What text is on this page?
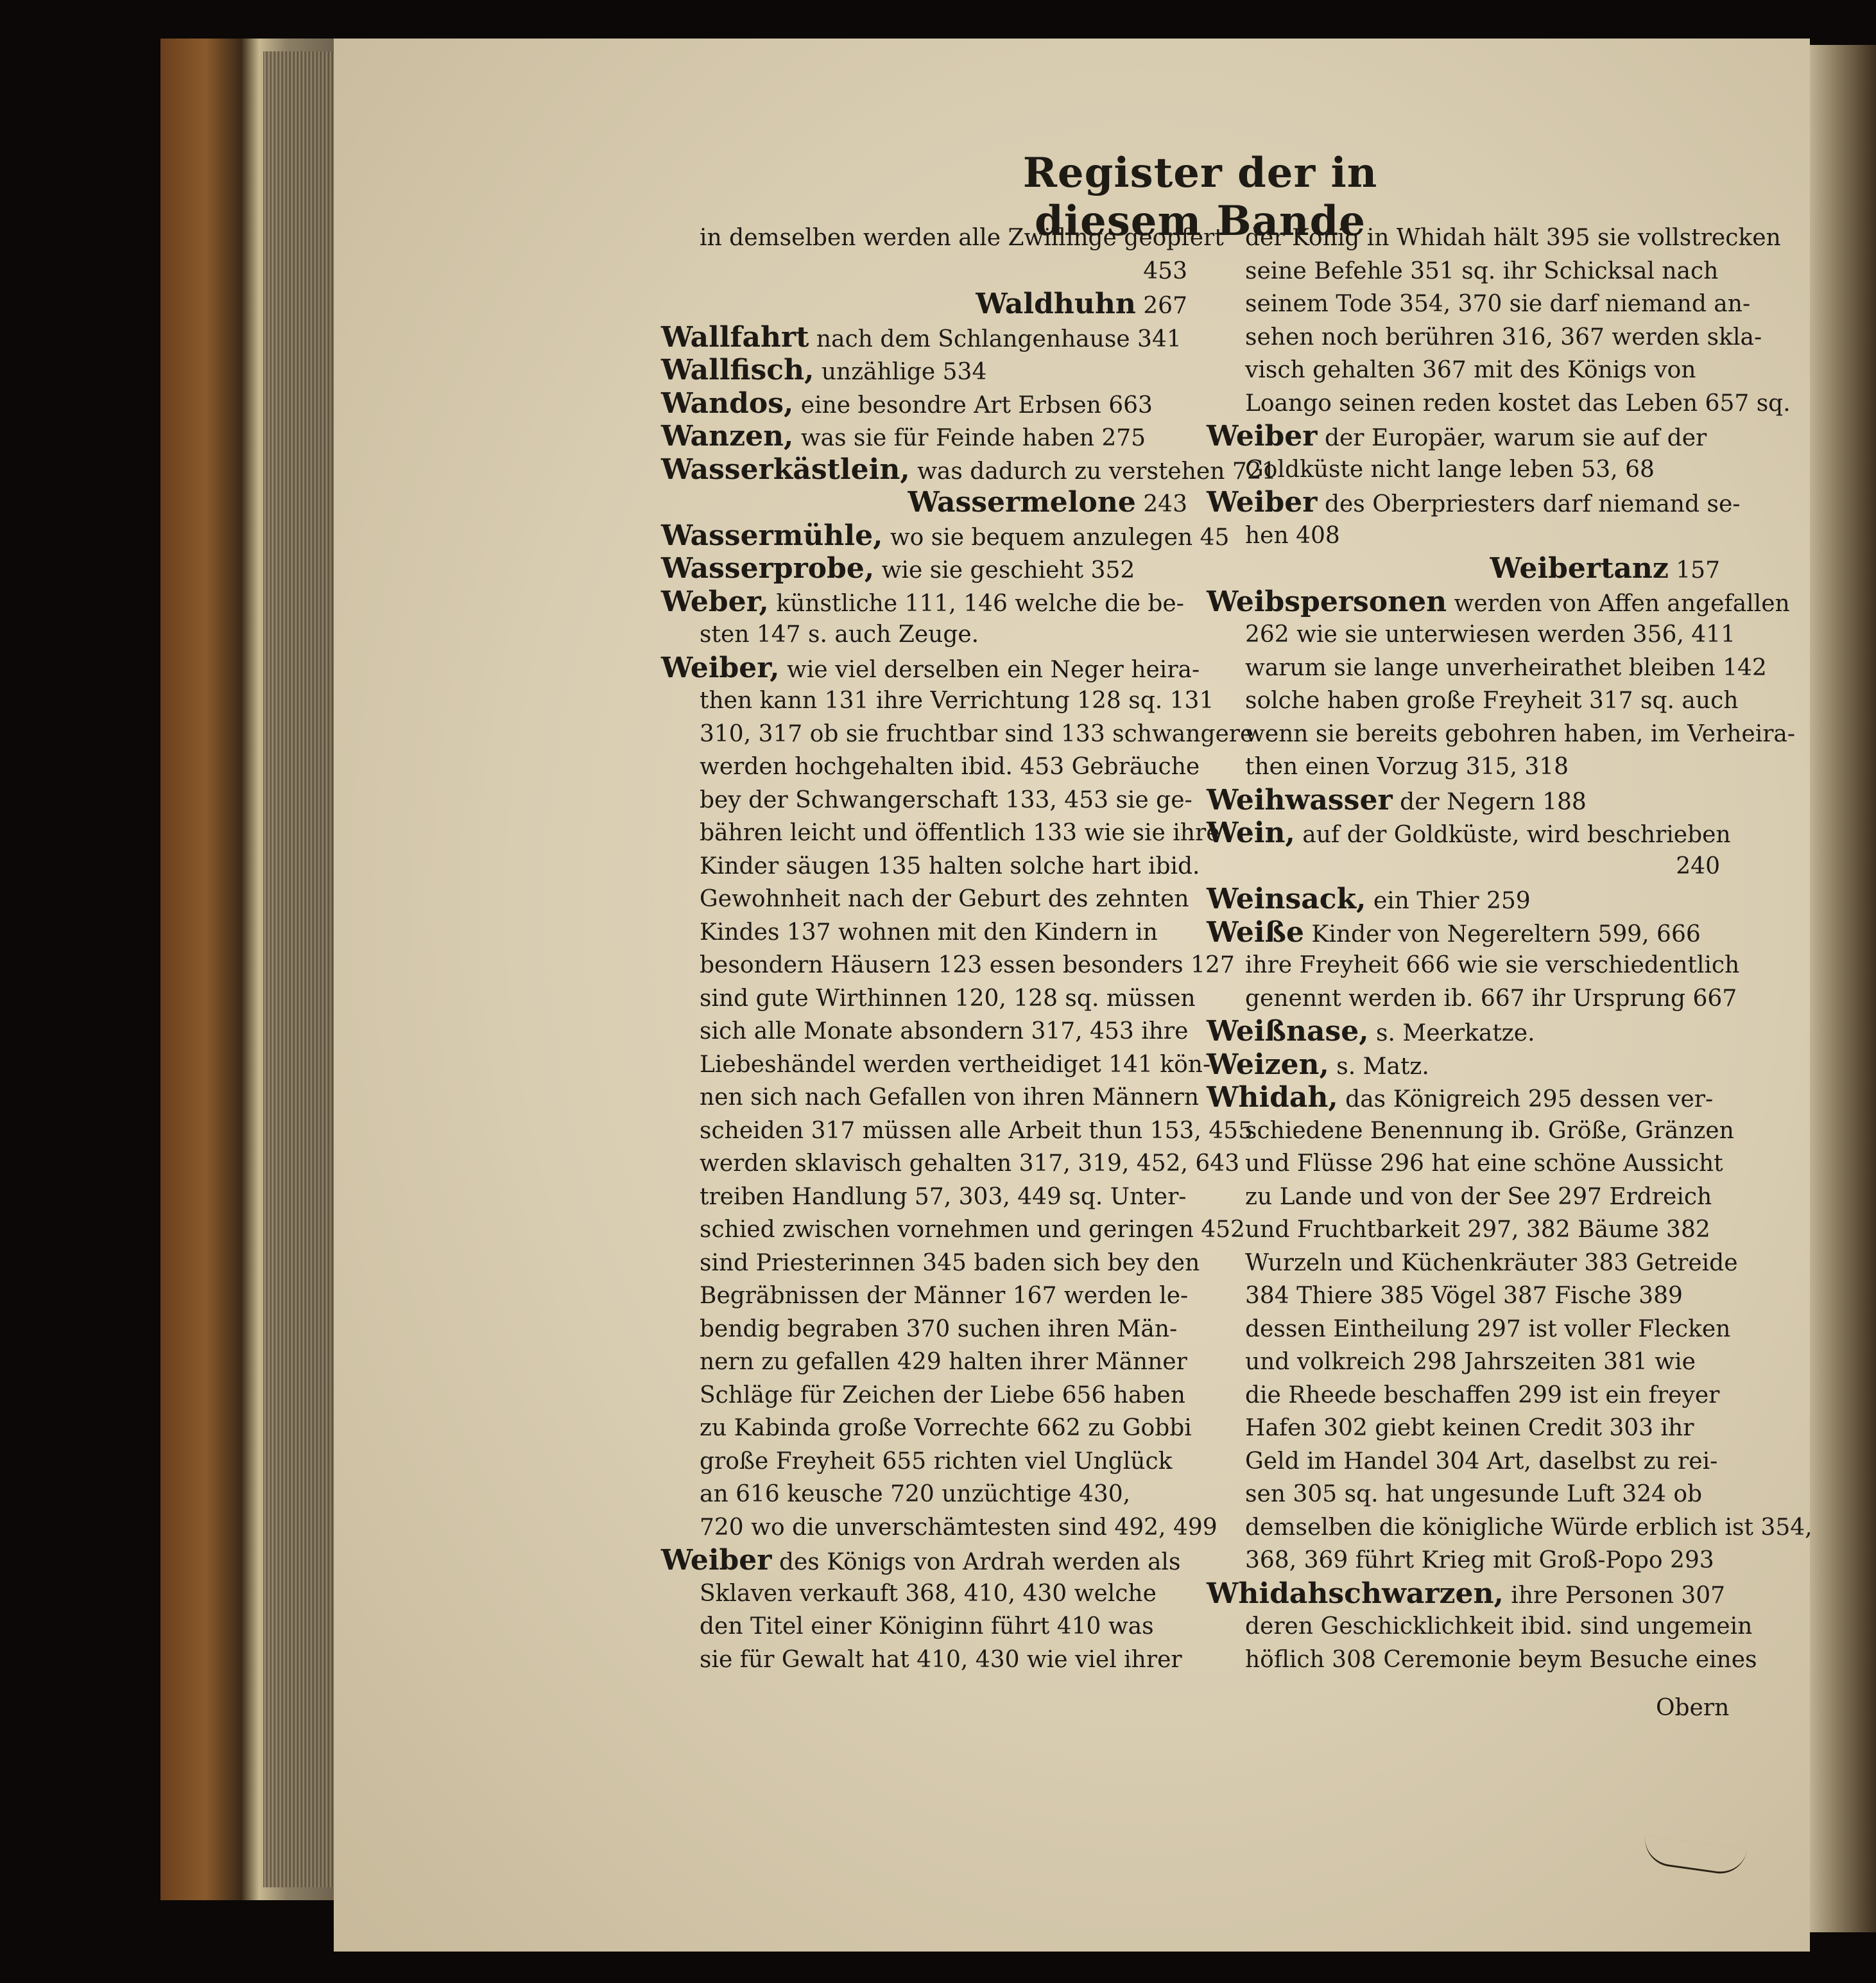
Register der in diesem Bande
in demselben werden alle Zwillinge geopfert
453
Waldhuhn 267
Wallfahrt nach dem Schlangenhause 341
Wallfisch, unzählige 534
Wandos, eine besondre Art Erbsen 663
Wanzen, was sie für Feinde haben 275
Wasserkästlein, was dadurch zu verstehen 721
Wassermelone 243
Wassermühle, wo sie bequem anzulegen 45
Wasserprobe, wie sie geschieht 352
Weber, künstliche 111, 146 welche die be-
sten 147 s. auch Zeuge.
Weiber, wie viel derselben ein Neger heira-
then kann 131 ihre Verrichtung 128 sq. 131
310, 317 ob sie fruchtbar sind 133 schwangere
werden hochgehalten ibid. 453 Gebräuche
bey der Schwangerschaft 133, 453 sie ge-
bähren leicht und öffentlich 133 wie sie ihre
Kinder säugen 135 halten solche hart ibid.
Gewohnheit nach der Geburt des zehnten
Kindes 137 wohnen mit den Kindern in
besondern Häusern 123 essen besonders 127
sind gute Wirthinnen 120, 128 sq. müssen
sich alle Monate absondern 317, 453 ihre
Liebeshändel werden vertheidiget 141 kön-
nen sich nach Gefallen von ihren Männern
scheiden 317 müssen alle Arbeit thun 153, 455
werden sklavisch gehalten 317, 319, 452, 643
treiben Handlung 57, 303, 449 sq. Unter-
schied zwischen vornehmen und geringen 452
sind Priesterinnen 345 baden sich bey den
Begräbnissen der Männer 167 werden le-
bendig begraben 370 suchen ihren Män-
nern zu gefallen 429 halten ihrer Männer
Schläge für Zeichen der Liebe 656 haben
zu Kabinda große Vorrechte 662 zu Gobbi
große Freyheit 655 richten viel Unglück
an 616 keusche 720 unzüchtige 430,
720 wo die unverschämtesten sind 492, 499
Weiber des Königs von Ardrah werden als
Sklaven verkauft 368, 410, 430 welche
den Titel einer Königinn führt 410 was
sie für Gewalt hat 410, 430 wie viel ihrer
der König in Whidah hält 395 sie vollstrecken
seine Befehle 351 sq. ihr Schicksal nach
seinem Tode 354, 370 sie darf niemand an-
sehen noch berühren 316, 367 werden skla-
visch gehalten 367 mit des Königs von
Loango seinen reden kostet das Leben 657 sq.
Weiber der Europäer, warum sie auf der
Goldküste nicht lange leben 53, 68
Weiber des Oberpriesters darf niemand se-
hen 408
Weibertanz 157
Weibspersonen werden von Affen angefallen
262 wie sie unterwiesen werden 356, 411
warum sie lange unverheirathet bleiben 142
solche haben große Freyheit 317 sq. auch
wenn sie bereits gebohren haben, im Verheira-
then einen Vorzug 315, 318
Weihwasser der Negern 188
Wein, auf der Goldküste, wird beschrieben
240
Weinsack, ein Thier 259
Weiße Kinder von Negereltern 599, 666
ihre Freyheit 666 wie sie verschiedentlich
genennt werden ib. 667 ihr Ursprung 667
Weißnase, s. Meerkatze.
Weizen, s. Matz.
Whidah, das Königreich 295 dessen ver-
schiedene Benennung ib. Größe, Gränzen
und Flüsse 296 hat eine schöne Aussicht
zu Lande und von der See 297 Erdreich
und Fruchtbarkeit 297, 382 Bäume 382
Wurzeln und Küchenkräuter 383 Getreide
384 Thiere 385 Vögel 387 Fische 389
dessen Eintheilung 297 ist voller Flecken
und volkreich 298 Jahrszeiten 381 wie
die Rheede beschaffen 299 ist ein freyer
Hafen 302 giebt keinen Credit 303 ihr
Geld im Handel 304 Art, daselbst zu rei-
sen 305 sq. hat ungesunde Luft 324 ob
demselben die königliche Würde erblich ist 354,
368, 369 führt Krieg mit Groß-Popo 293
Whidahschwarzen, ihre Personen 307
deren Geschicklichkeit ibid. sind ungemein
höflich 308 Ceremonie beym Besuche eines
Obern
